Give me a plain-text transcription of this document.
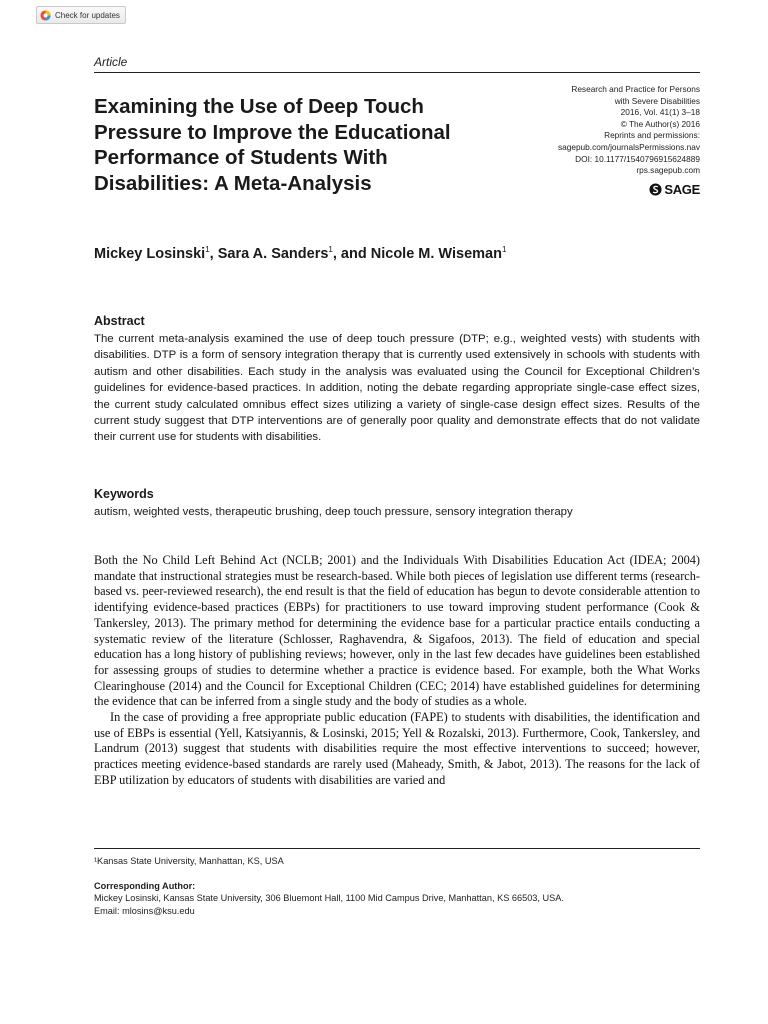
Check for updates
Article
Examining the Use of Deep Touch Pressure to Improve the Educational Performance of Students With Disabilities: A Meta-Analysis
Research and Practice for Persons
with Severe Disabilities
2016, Vol. 41(1) 3–18
© The Author(s) 2016
Reprints and permissions:
sagepub.com/journalsPermissions.nav
DOI: 10.1177/1540796915624889
rps.sagepub.com
SAGE
Mickey Losinski$^1$, Sara A. Sanders$^1$, and Nicole M. Wiseman$^1$
Abstract

The current meta-analysis examined the use of deep touch pressure (DTP; e.g., weighted vests) with students with disabilities. DTP is a form of sensory integration therapy that is currently used extensively in schools with students with autism and other disabilities. Each study in the analysis was evaluated using the Council for Exceptional Children’s guidelines for evidence-based practices. In addition, noting the debate regarding appropriate single-case effect sizes, the current study calculated omnibus effect sizes utilizing a variety of single-case design effect sizes. Results of the current study suggest that DTP interventions are of generally poor quality and demonstrate effects that do not validate their current use for students with disabilities.

Keywords

autism, weighted vests, therapeutic brushing, deep touch pressure, sensory integration therapy

Both the No Child Left Behind Act (NCLB; 2001) and the Individuals With Disabilities Education Act (IDEA; 2004) mandate that instructional strategies must be research-based. While both pieces of legislation use different terms (research-based vs. peer-reviewed research), the end result is that the field of education has begun to devote considerable attention to identifying evidence-based practices (EBPs) for practitioners to use toward improving student performance (Cook & Tankersley, 2013). The primary method for determining the evidence base for a particular practice entails conducting a systematic review of the literature (Schlosser, Raghavendra, & Sigafoos, 2013). The field of education and special education has a long history of publishing reviews; however, only in the last few decades have guidelines been established for assessing groups of studies to determine whether a practice is evidence based. For example, both the What Works Clearinghouse (2014) and the Council for Exceptional Children (CEC; 2014) have established guidelines for determining the evidence that can be inferred from a single study and the body of studies as a whole.

In the case of providing a free appropriate public education (FAPE) to students with disabilities, the identification and use of EBPs is essential (Yell, Katsiyannis, & Losinski, 2015; Yell & Rozalski, 2013). Furthermore, Cook, Tankersley, and Landrum (2013) suggest that students with disabilities require the most effective interventions to succeed; however, practices meeting evidence-based standards are rarely used (Maheady, Smith, & Jabot, 2013). The reasons for the lack of EBP utilization by educators of students with disabilities are varied and

¹Kansas State University, Manhattan, KS, USA
Corresponding Author:
Mickey Losinski, Kansas State University, 306 Bluemont Hall, 1100 Mid Campus Drive, Manhattan, KS 66503, USA.
Email: mlosins@ksu.edu
